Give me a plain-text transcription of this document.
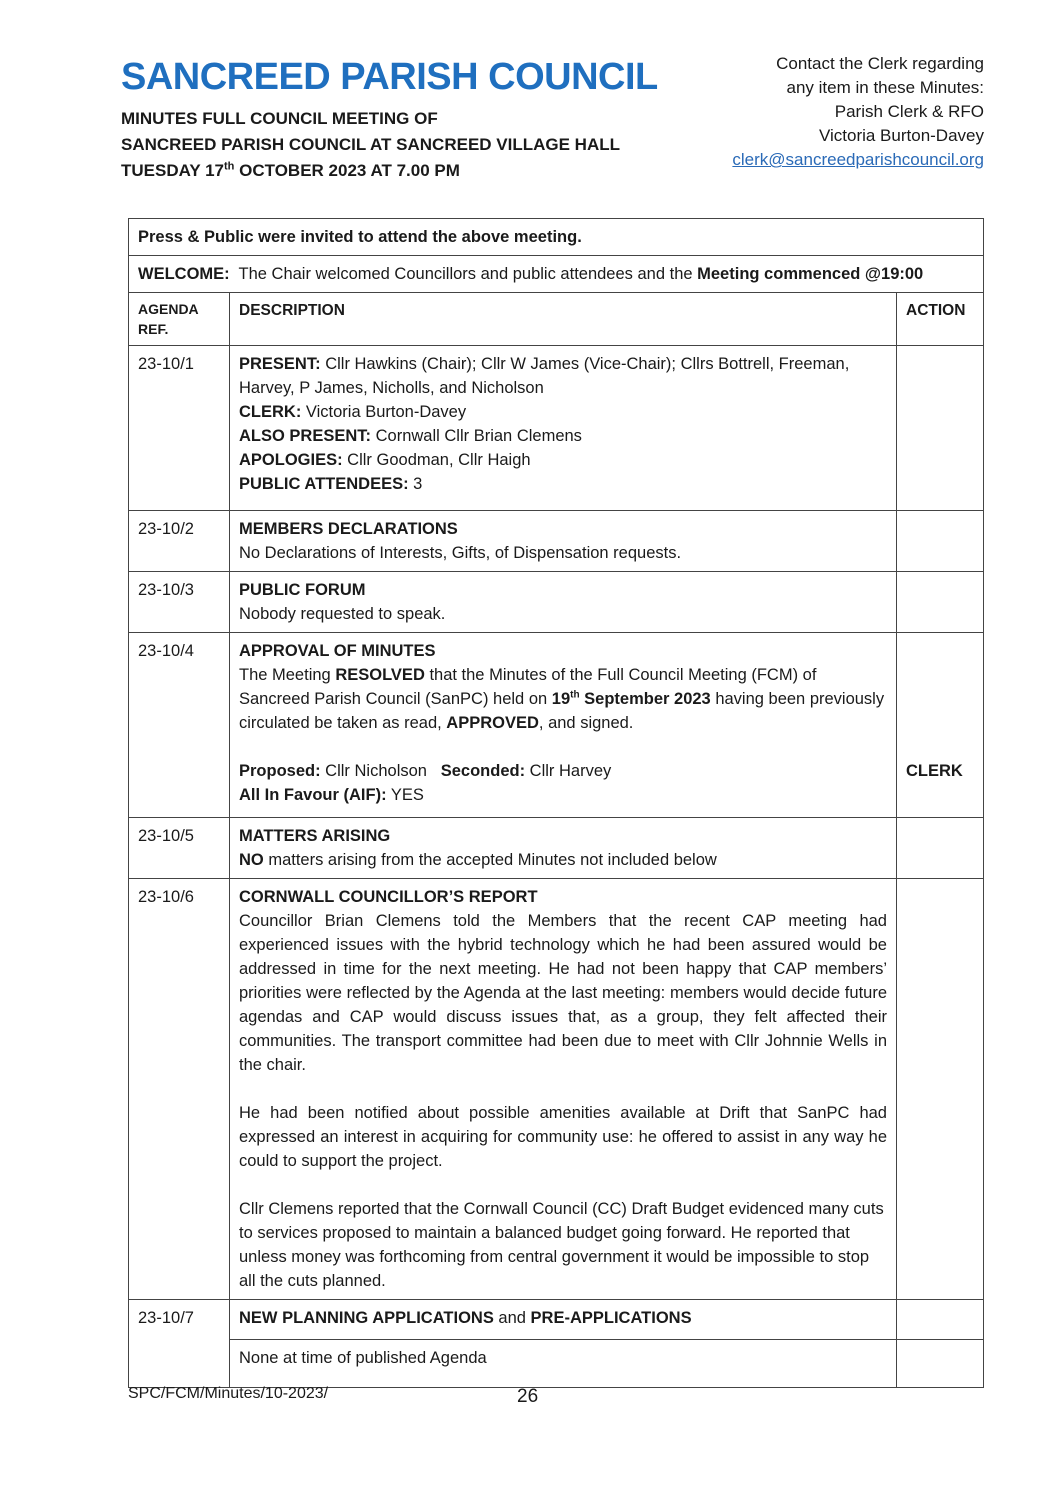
SANCREED PARISH COUNCIL
MINUTES FULL COUNCIL MEETING OF
SANCREED PARISH COUNCIL AT SANCREED VILLAGE HALL
TUESDAY 17th OCTOBER 2023 AT 7.00 PM
Contact the Clerk regarding
any item in these Minutes:
Parish Clerk & RFO
Victoria Burton-Davey
clerk@sancreedparishcouncil.org
Press & Public were invited to attend the above meeting.		
WELCOME:  The Chair welcomed Councillors and public attendees and the Meeting commenced @19:00		

AGENDA REF.	DESCRIPTION	ACTION
23-10/1	PRESENT: Cllr Hawkins (Chair); Cllr W James (Vice-Chair); Cllrs Bottrell, Freeman, Harvey, P James, Nicholls, and Nicholson

CLERK: Victoria Burton-Davey

ALSO PRESENT: Cornwall Cllr Brian Clemens

APOLOGIES: Cllr Goodman, Cllr Haigh

PUBLIC ATTENDEES: 3	

23-10/2	MEMBERS DECLARATIONS

No Declarations of Interests, Gifts, of Dispensation requests.	

23-10/3	PUBLIC FORUM

Nobody requested to speak.	

23-10/4	APPROVAL OF MINUTES

The Meeting RESOLVED that the Minutes of the Full Council Meeting (FCM) of Sancreed Parish Council (SanPC) held on 19th September 2023 having been previously circulated be taken as read, APPROVED, and signed.

Proposed: Cllr Nicholson   Seconded: Cllr Harvey

All In Favour (AIF): YES	CLERK
23-10/5	MATTERS ARISING

NO matters arising from the accepted Minutes not included below	

23-10/6	CORNWALL COUNCILLOR’S REPORT

Councillor Brian Clemens told the Members that the recent CAP meeting had experienced issues with the hybrid technology which he had been assured would be addressed in time for the next meeting. He had not been happy that CAP members’ priorities were reflected by the Agenda at the last meeting: members would decide future agendas and CAP would discuss issues that, as a group, they felt affected their communities. The transport committee had been due to meet with Cllr Johnnie Wells in the chair.

He had been notified about possible amenities available at Drift that SanPC had expressed an interest in acquiring for community use: he offered to assist in any way he could to support the project.

Cllr Clemens reported that the Cornwall Council (CC) Draft Budget evidenced many cuts to services proposed to maintain a balanced budget going forward. He reported that unless money was forthcoming from central government it would be impossible to stop all the cuts planned.	

23-10/7	NEW PLANNING APPLICATIONS and PRE-APPLICATIONS	

	None at time of published Agenda	

SPC/FCM/Minutes/10-2023/	26
